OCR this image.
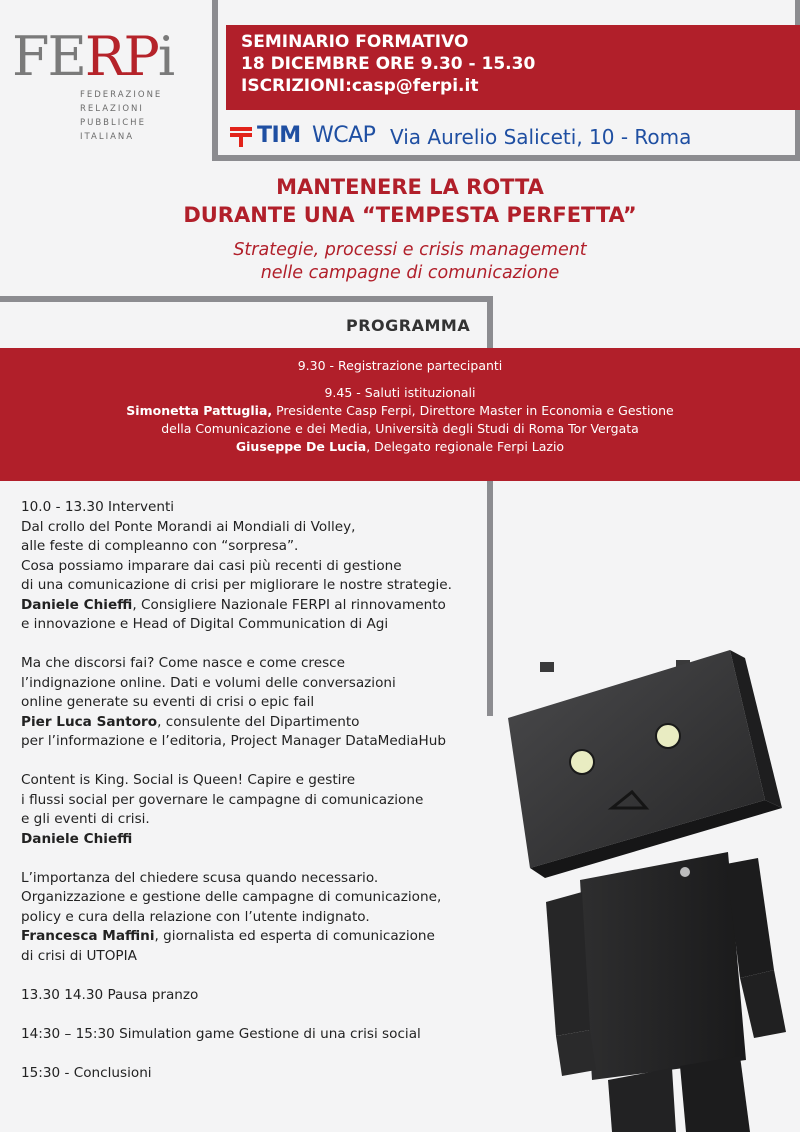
FERPi
FEDERAZIONE
RELAZIONI
PUBBLICHE
ITALIANA
SEMINARIO FORMATIVO
18 DICEMBRE ORE 9.30 - 15.30
ISCRIZIONI:casp@ferpi.it
TIM WCAP Via Aurelio Saliceti, 10 - Roma
MANTENERE LA ROTTA
DURANTE UNA “TEMPESTA PERFETTA”
Strategie, processi e crisis management
nelle campagne di comunicazione
PROGRAMMA
9.30 - Registrazione partecipanti
9.45 - Saluti istituzionali
Simonetta Pattuglia, Presidente Casp Ferpi, Direttore Master in Economia e Gestione
della Comunicazione e dei Media, Università degli Studi di Roma Tor Vergata
Giuseppe De Lucia, Delegato regionale Ferpi Lazio
10.0 - 13.30 Interventi
Dal crollo del Ponte Morandi ai Mondiali di Volley,
alle feste di compleanno con “sorpresa”.
Cosa possiamo imparare dai casi più recenti di gestione
di una comunicazione di crisi per migliorare le nostre strategie.
Daniele Chieffi, Consigliere Nazionale FERPI al rinnovamento
e innovazione e Head of Digital Communication di Agi
Ma che discorsi fai? Come nasce e come cresce
l’indignazione online. Dati e volumi delle conversazioni
online generate su eventi di crisi o epic fail
Pier Luca Santoro, consulente del Dipartimento
per l’informazione e l’editoria, Project Manager DataMediaHub
Content is King. Social is Queen! Capire e gestire
i flussi social per governare le campagne di comunicazione
e gli eventi di crisi.
Daniele Chieffi
L’importanza del chiedere scusa quando necessario.
Organizzazione e gestione delle campagne di comunicazione,
policy e cura della relazione con l’utente indignato.
Francesca Maffini, giornalista ed esperta di comunicazione
di crisi di UTOPIA
13.30 14.30 Pausa pranzo
14:30 – 15:30 Simulation game Gestione di una crisi social
15:30 - Conclusioni
